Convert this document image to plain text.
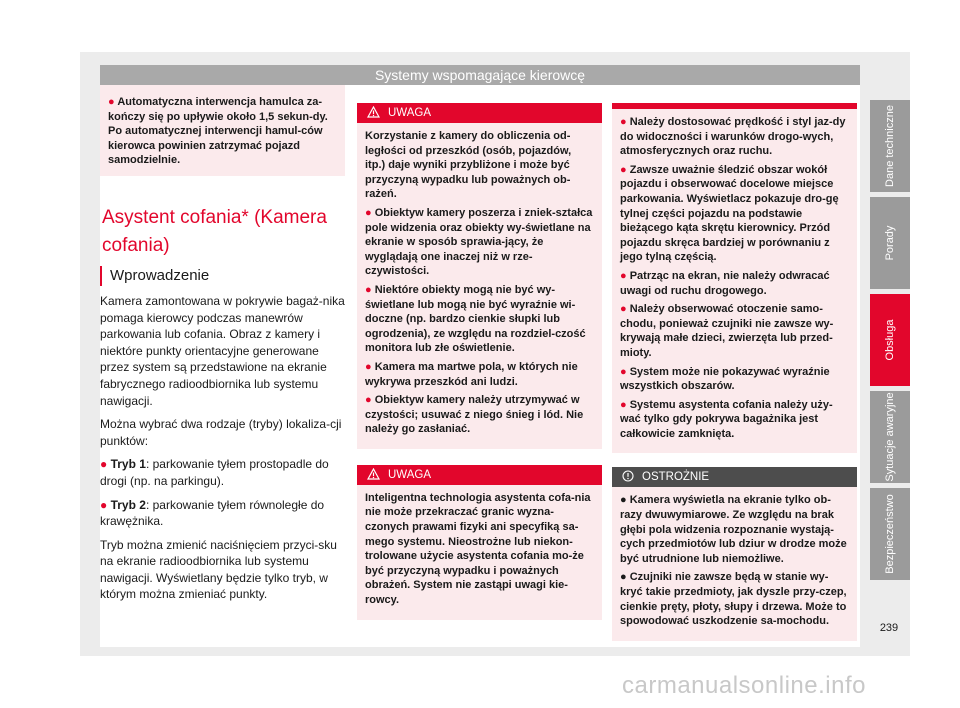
Systemy wspomagające kierowcę
● Automatyczna interwencja hamulca za-kończy się po upływie około 1,5 sekun-dy. Po automatycznej interwencji hamul-ców kierowca powinien zatrzymać pojazd samodzielnie.
Asystent cofania* (Kamera cofania)
Wprowadzenie

Kamera zamontowana w pokrywie bagaż-nika pomaga kierowcy podczas manewrów parkowania lub cofania. Obraz z kamery i niektóre punkty orientacyjne generowane przez system są przedstawione na ekranie fabrycznego radioodbiornika lub systemu nawigacji.

Można wybrać dwa rodzaje (tryby) lokaliza-cji punktów:

● Tryb 1: parkowanie tyłem prostopadle do drogi (np. na parkingu).

● Tryb 2: parkowanie tyłem równoległe do krawężnika.

Tryb można zmienić naciśnięciem przyci-sku na ekranie radioodbiornika lub systemu nawigacji. Wyświetlany będzie tylko tryb, w którym można zmieniać punkty.

UWAGA

Korzystanie z kamery do obliczenia od-ległości od przeszkód (osób, pojazdów, itp.) daje wyniki przybliżone i może być przyczyną wypadku lub poważnych ob-rażeń.

● Obiektyw kamery poszerza i zniek-ształca pole widzenia oraz obiekty wy-świetlane na ekranie w sposób sprawia-jący, że wyglądają one inaczej niż w rze-czywistości.

● Niektóre obiekty mogą nie być wy-świetlane lub mogą nie być wyraźnie wi-doczne (np. bardzo cienkie słupki lub ogrodzenia), ze względu na rozdziel-czość monitora lub złe oświetlenie.

● Kamera ma martwe pola, w których nie wykrywa przeszkód ani ludzi.

● Obiektyw kamery należy utrzymywać w czystości; usuwać z niego śnieg i lód. Nie należy go zasłaniać.

UWAGA

Inteligentna technologia asystenta cofa-nia nie może przekraczać granic wyzna-czonych prawami fizyki ani specyfiką sa-mego systemu. Nieostrożne lub niekon-trolowane użycie asystenta cofania mo-że być przyczyną wypadku i poważnych obrażeń. System nie zastąpi uwagi kie-rowcy.

● Należy dostosować prędkość i styl jaz-dy do widoczności i warunków drogo-wych, atmosferycznych oraz ruchu.

● Zawsze uważnie śledzić obszar wokół pojazdu i obserwować docelowe miejsce parkowania. Wyświetlacz pokazuje dro-gę tylnej części pojazdu na podstawie bieżącego kąta skrętu kierownicy. Przód pojazdu skręca bardziej w porównaniu z jego tylną częścią.

● Patrząc na ekran, nie należy odwracać uwagi od ruchu drogowego.

● Należy obserwować otoczenie samo-chodu, ponieważ czujniki nie zawsze wy-krywają małe dzieci, zwierzęta lub przed-mioty.

● System może nie pokazywać wyraźnie wszystkich obszarów.

● Systemu asystenta cofania należy uży-wać tylko gdy pokrywa bagażnika jest całkowicie zamknięta.

OSTROŻNIE

● Kamera wyświetla na ekranie tylko ob-razy dwuwymiarowe. Ze względu na brak głębi pola widzenia rozpoznanie wystają-cych przedmiotów lub dziur w drodze może być utrudnione lub niemożliwe.

● Czujniki nie zawsze będą w stanie wy-kryć takie przedmioty, jak dyszle przy-czep, cienkie pręty, płoty, słupy i drzewa. Może to spowodować uszkodzenie sa-mochodu.

Dane techniczne
Porady
Obsługa
Sytuacje awaryjne
Bezpieczeństwo
239
carmanualsonline.info
